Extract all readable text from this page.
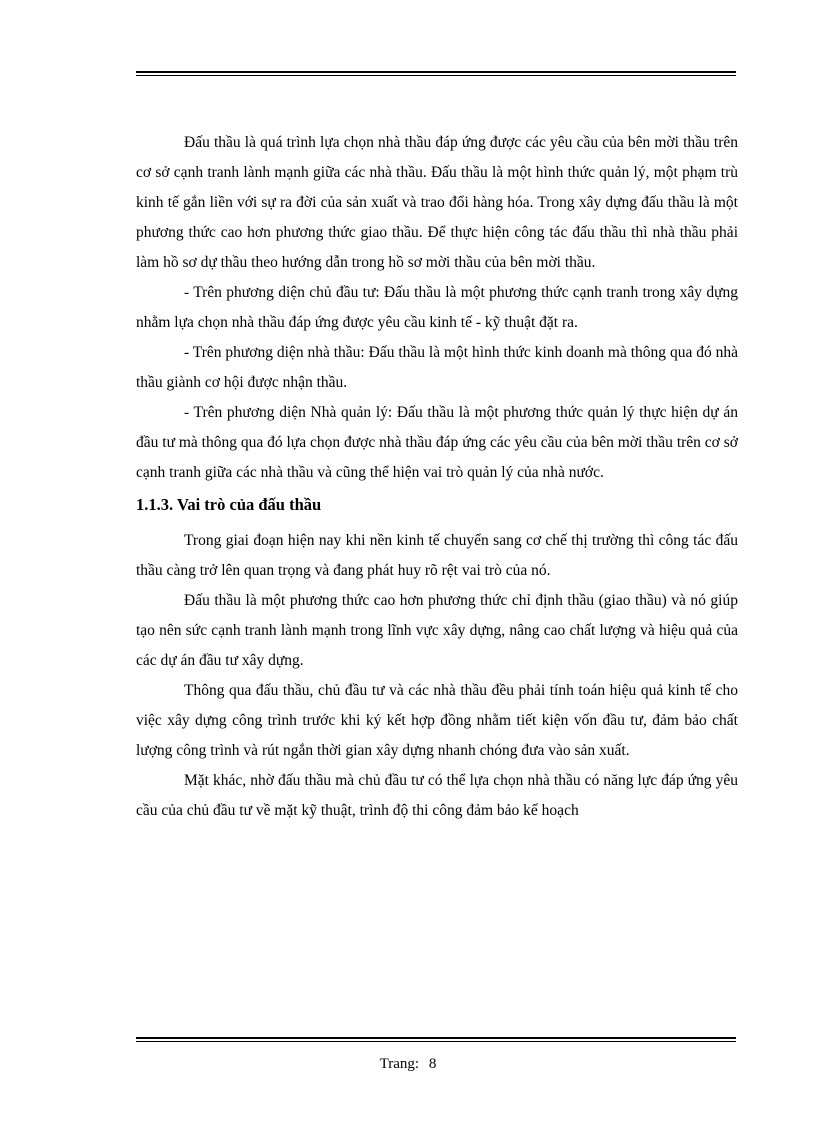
Đấu thầu là quá trình lựa chọn nhà thầu đáp ứng được các yêu cầu của bên mời thầu trên cơ sở cạnh tranh lành mạnh giữa các nhà thầu. Đấu thầu là một hình thức quản lý, một phạm trù kinh tế gắn liền với sự ra đời của sản xuất và trao đổi hàng hóa. Trong xây dựng đấu thầu là một phương thức cao hơn phương thức giao thầu. Để thực hiện công tác đấu thầu thì nhà thầu phải làm hồ sơ dự thầu theo hướng dẫn trong hồ sơ mời thầu của bên mời thầu.

- Trên phương diện chủ đầu tư: Đấu thầu là một phương thức cạnh tranh trong xây dựng nhằm lựa chọn nhà thầu đáp ứng được yêu cầu kinh tế - kỹ thuật đặt ra.

- Trên phương diện nhà thầu: Đấu thầu là một hình thức kinh doanh mà thông qua đó nhà thầu giành cơ hội được nhận thầu.

- Trên phương diện Nhà quản lý: Đấu thầu là một phương thức quản lý thực hiện dự án đầu tư mà thông qua đó lựa chọn được nhà thầu đáp ứng các yêu cầu của bên mời thầu trên cơ sở cạnh tranh giữa các nhà thầu và cũng thể hiện vai trò quản lý của nhà nước.

1.1.3. Vai trò của đấu thầu

Trong giai đoạn hiện nay khi nền kinh tế chuyển sang cơ chế thị trường thì công tác đấu thầu càng trở lên quan trọng và đang phát huy rõ rệt vai trò của nó.

Đấu thầu là một phương thức cao hơn phương thức chỉ định thầu (giao thầu) và nó giúp tạo nên sức cạnh tranh lành mạnh trong lĩnh vực xây dựng, nâng cao chất lượng và hiệu quả của các dự án đầu tư xây dựng.

Thông qua đấu thầu, chủ đầu tư và các nhà thầu đều phải tính toán hiệu quả kinh tế cho việc xây dựng công trình trước khi ký kết hợp đồng nhằm tiết kiện vốn đầu tư, đảm bảo chất lượng công trình và rút ngắn thời gian xây dựng nhanh chóng đưa vào sản xuất.

Mặt khác, nhờ đấu thầu mà chủ đầu tư có thể lựa chọn nhà thầu có năng lực đáp ứng yêu cầu của chủ đầu tư về mặt kỹ thuật, trình độ thi công đảm bảo kế hoạch

Trang: 8
